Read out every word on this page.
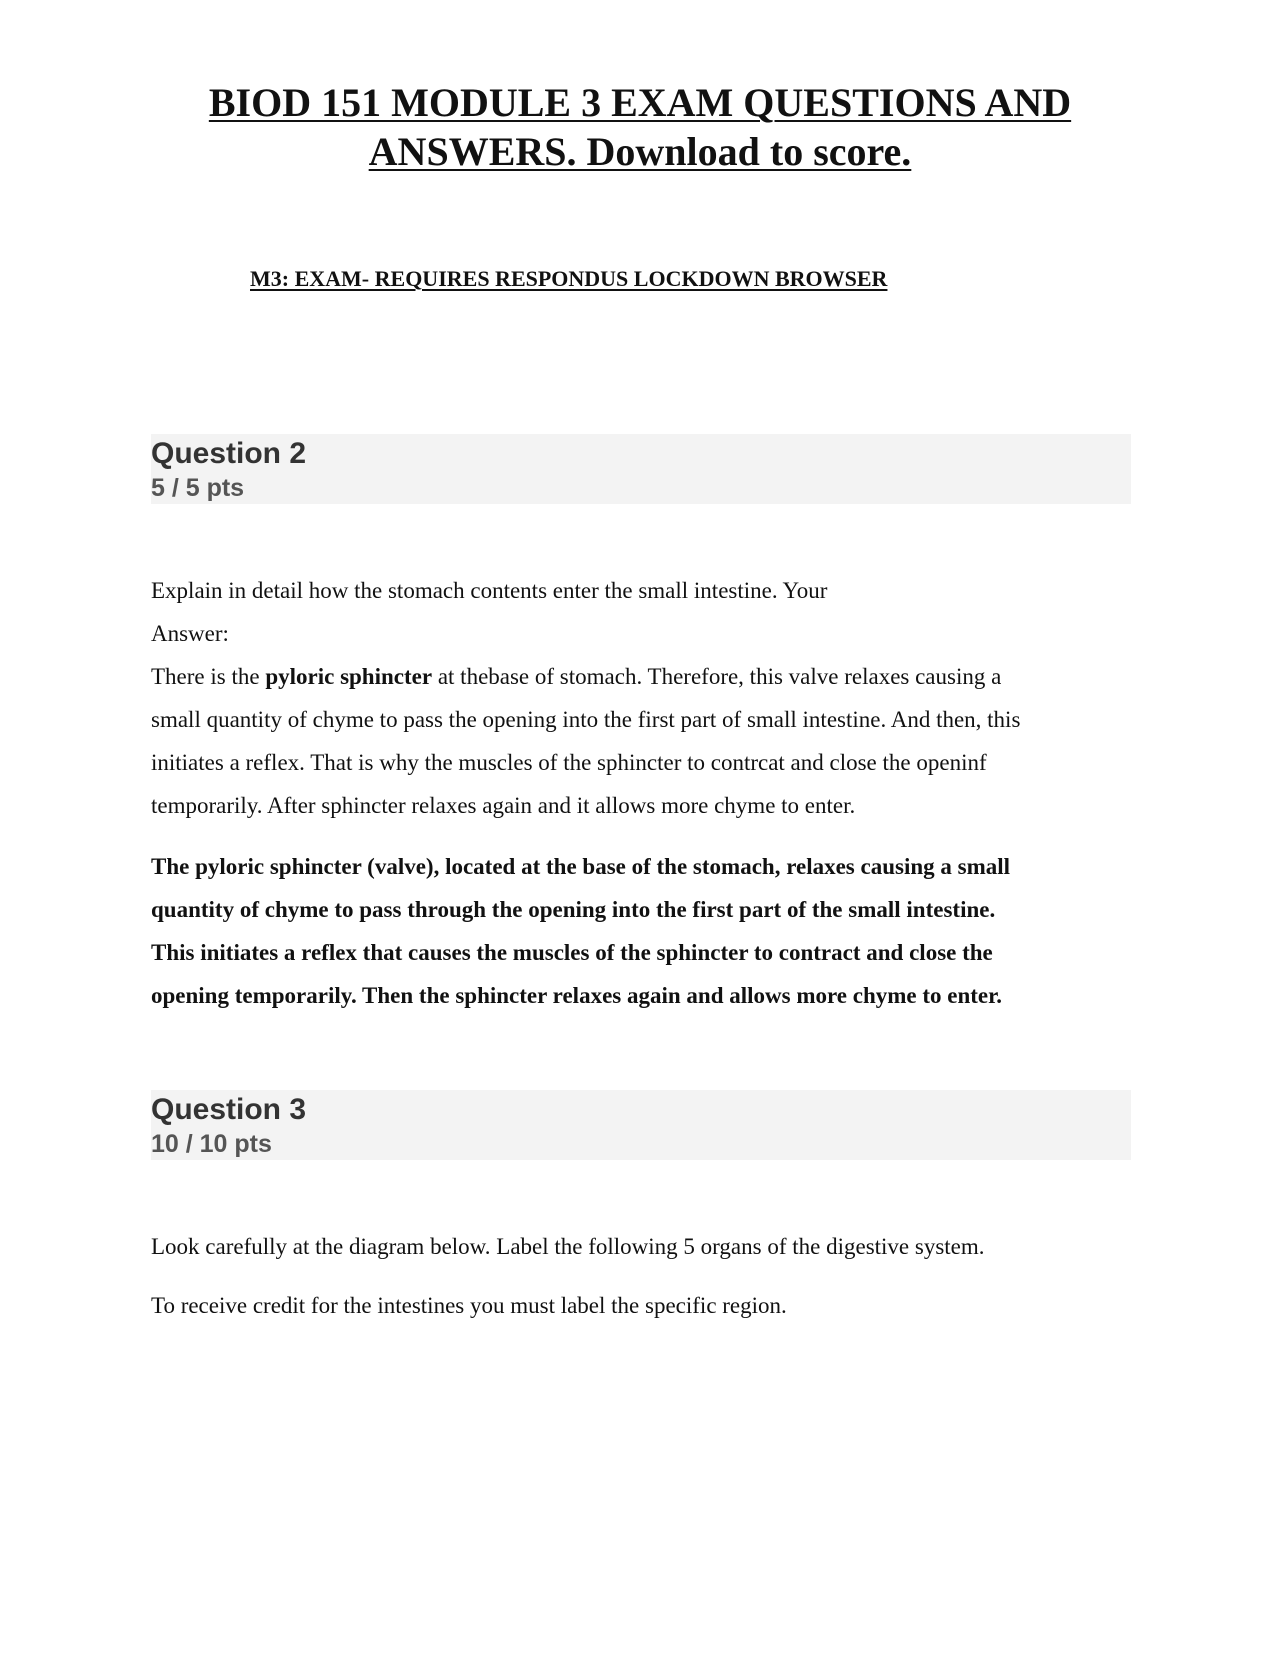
BIOD 151 MODULE 3 EXAM QUESTIONS AND
ANSWERS. Download to score.
M3: EXAM- REQUIRES RESPONDUS LOCKDOWN BROWSER
Question 2
5 / 5 pts
Explain in detail how the stomach contents enter the small intestine. Your
Answer:
There is the pyloric sphincter at thebase of stomach. Therefore, this valve relaxes causing a
small quantity of chyme to pass the opening into the first part of small intestine. And then, this
initiates a reflex. That is why the muscles of the sphincter to contrcat and close the openinf
temporarily. After sphincter relaxes again and it allows more chyme to enter.
The pyloric sphincter (valve), located at the base of the stomach, relaxes causing a small
quantity of chyme to pass through the opening into the first part of the small intestine.
This initiates a reflex that causes the muscles of the sphincter to contract and close the
opening temporarily. Then the sphincter relaxes again and allows more chyme to enter.
Question 3
10 / 10 pts
Look carefully at the diagram below. Label the following 5 organs of the digestive system.
To receive credit for the intestines you must label the specific region.
